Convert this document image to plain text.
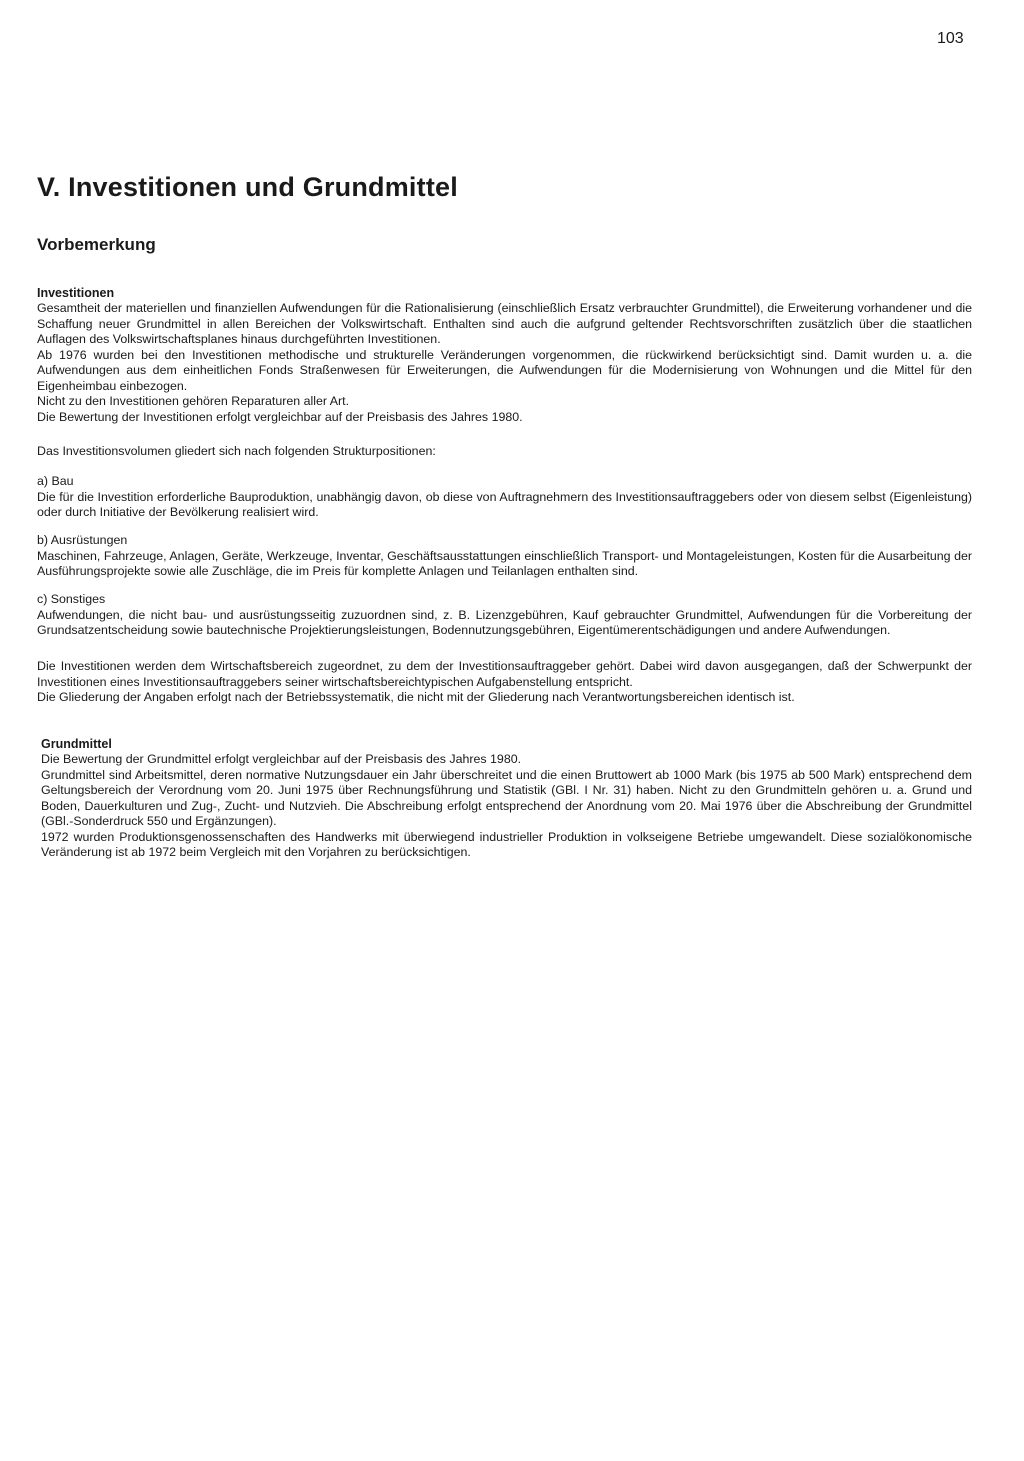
103
V. Investitionen und Grundmittel
Vorbemerkung
Investitionen

Gesamtheit der materiellen und finanziellen Aufwendungen für die Rationalisierung (einschließlich Ersatz verbrauchter Grundmittel), die Erweiterung vorhandener und die Schaffung neuer Grundmittel in allen Bereichen der Volkswirtschaft. Enthalten sind auch die aufgrund geltender Rechtsvorschriften zusätzlich über die staatlichen Auflagen des Volkswirtschaftsplanes hinaus durchgeführten Investitionen.

Ab 1976 wurden bei den Investitionen methodische und strukturelle Veränderungen vorgenommen, die rückwirkend berücksichtigt sind. Damit wurden u. a. die Aufwendungen aus dem einheitlichen Fonds Straßenwesen für Erweiterungen, die Aufwendungen für die Modernisierung von Wohnungen und die Mittel für den Eigenheimbau einbezogen.

Nicht zu den Investitionen gehören Reparaturen aller Art.

Die Bewertung der Investitionen erfolgt vergleichbar auf der Preisbasis des Jahres 1980.

Das Investitionsvolumen gliedert sich nach folgenden Strukturpositionen:

a) Bau

Die für die Investition erforderliche Bauproduktion, unabhängig davon, ob diese von Auftragnehmern des Investitionsauftraggebers oder von diesem selbst (Eigenleistung) oder durch Initiative der Bevölkerung realisiert wird.

b) Ausrüstungen

Maschinen, Fahrzeuge, Anlagen, Geräte, Werkzeuge, Inventar, Geschäftsausstattungen einschließlich Transport- und Montageleistungen, Kosten für die Ausarbeitung der Ausführungsprojekte sowie alle Zuschläge, die im Preis für komplette Anlagen und Teilanlagen enthalten sind.

c) Sonstiges

Aufwendungen, die nicht bau- und ausrüstungsseitig zuzuordnen sind, z. B. Lizenzgebühren, Kauf gebrauchter Grundmittel, Aufwendungen für die Vorbereitung der Grundsatzentscheidung sowie bautechnische Projektierungsleistungen, Bodennutzungsgebühren, Eigentümerentschädigungen und andere Aufwendungen.

Die Investitionen werden dem Wirtschaftsbereich zugeordnet, zu dem der Investitionsauftraggeber gehört. Dabei wird davon ausgegangen, daß der Schwerpunkt der Investitionen eines Investitionsauftraggebers seiner wirtschaftsbereichtypischen Aufgabenstellung entspricht.

Die Gliederung der Angaben erfolgt nach der Betriebssystematik, die nicht mit der Gliederung nach Verantwortungsbereichen identisch ist.

Grundmittel

Die Bewertung der Grundmittel erfolgt vergleichbar auf der Preisbasis des Jahres 1980.

Grundmittel sind Arbeitsmittel, deren normative Nutzungsdauer ein Jahr überschreitet und die einen Bruttowert ab 1000 Mark (bis 1975 ab 500 Mark) entsprechend dem Geltungsbereich der Verordnung vom 20. Juni 1975 über Rechnungsführung und Statistik (GBl. I Nr. 31) haben. Nicht zu den Grundmitteln gehören u. a. Grund und Boden, Dauerkulturen und Zug-, Zucht- und Nutzvieh. Die Abschreibung erfolgt entsprechend der Anordnung vom 20. Mai 1976 über die Abschreibung der Grundmittel (GBl.-Sonderdruck 550 und Ergänzungen).

1972 wurden Produktionsgenossenschaften des Handwerks mit überwiegend industrieller Produktion in volkseigene Betriebe umgewandelt. Diese sozialökonomische Veränderung ist ab 1972 beim Vergleich mit den Vorjahren zu berücksichtigen.
